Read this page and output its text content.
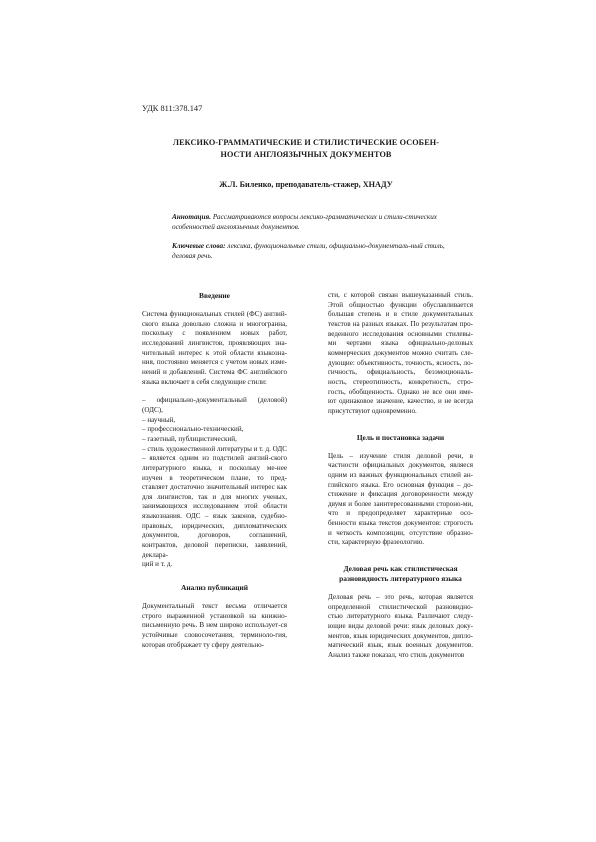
УДК 811:378.147
ЛЕКСИКО-ГРАММАТИЧЕСКИЕ И СТИЛИСТИЧЕСКИЕ ОСОБЕН-
НОСТИ АНГЛОЯЗЫЧНЫХ ДОКУМЕНТОВ
Ж.Л. Биленко, преподаватель-стажер, ХНАДУ
Аннотация. Рассматриваются вопросы лексико-грамматических и стили-стических особенностей англоязычных документов.
Ключевые слова: лексика, функциональные стили, официально-документаль-ный стиль, деловая речь.
Введение

Система функциональных стилей (ФС) англий-ского языка довольно сложна и многогранна, поскольку с появлением новых работ, исследований лингвистов, проявляющих зна-чительный интерес к этой области языкозна-ния, постоянно меняется с учетом новых изме-нений и добавлений. Система ФС английского языка включает в себя следующие стили:

– официально-документальный (деловой) (ОДС),

– научный,

– профессионально-технический,

– газетный, публицистический,

– стиль художественной литературы и т. д. ОДС – является одним из подстилей англий-ского литературного языка, и поскольку ме-нее изучен в теоретическом плане, то пред-ставляет достаточно значительный интерес как для лингвистов, так и для многих ученых, занимающихся исследованием этой области языкознания. ОДС – язык законов, судебно-правовых, юридических, дипломатических документов, договоров, соглашений, контрактов, деловой переписки, заявлений, деклара-

ций и т. д.

Анализ публикаций

Документальный текст весьма отличается строго выраженной установкой на книжно-письменную речь. В нем широко использует-ся устойчивые словосочетания, терминоло-гия, которая отображает ту сферу деятельно-

сти, с которой связан вышеуказанный стиль. Этой общностью функции обуславливается большая степень и в стиле документальных текстов на разных языках. По результатам про-веденного исследования основными стилевы-ми чертами языка официально-деловых коммерческих документов можно считать сле-дующие: объективность, точность, ясность, ло-гичность, официальность, безэмоциональ-ность, стереотипность, конкретность, стро-гость, обобщенность. Однако не все они име-ют одинаковое значение, качество, и не всегда присутствуют одновременно.

Цель и постановка задачи

Цель – изучение стиля деловой речи, в частности официальных документов, являеся одним из важных функциональных стилей ан-глийского языка. Его основная функция – до-стижение и фиксация договоренности между двумя и более заинтересованными стороно-ми, что и предопределяет характерные осо-бенности языка текстов документов: строгость и четкость композиции, отсутствие образно-сти, характерную фразеологию.

Деловая речь как стилистическая разновидность литературного языка

Деловая речь – это речь, которая является определенной стилистической разновидно-стью литературного языка. Различают следу-ющие виды деловой речи: язык деловых доку-ментов, язык юридических документов, дипло-матический язык, язык военных документов. Анализ также показал, что стиль документов
